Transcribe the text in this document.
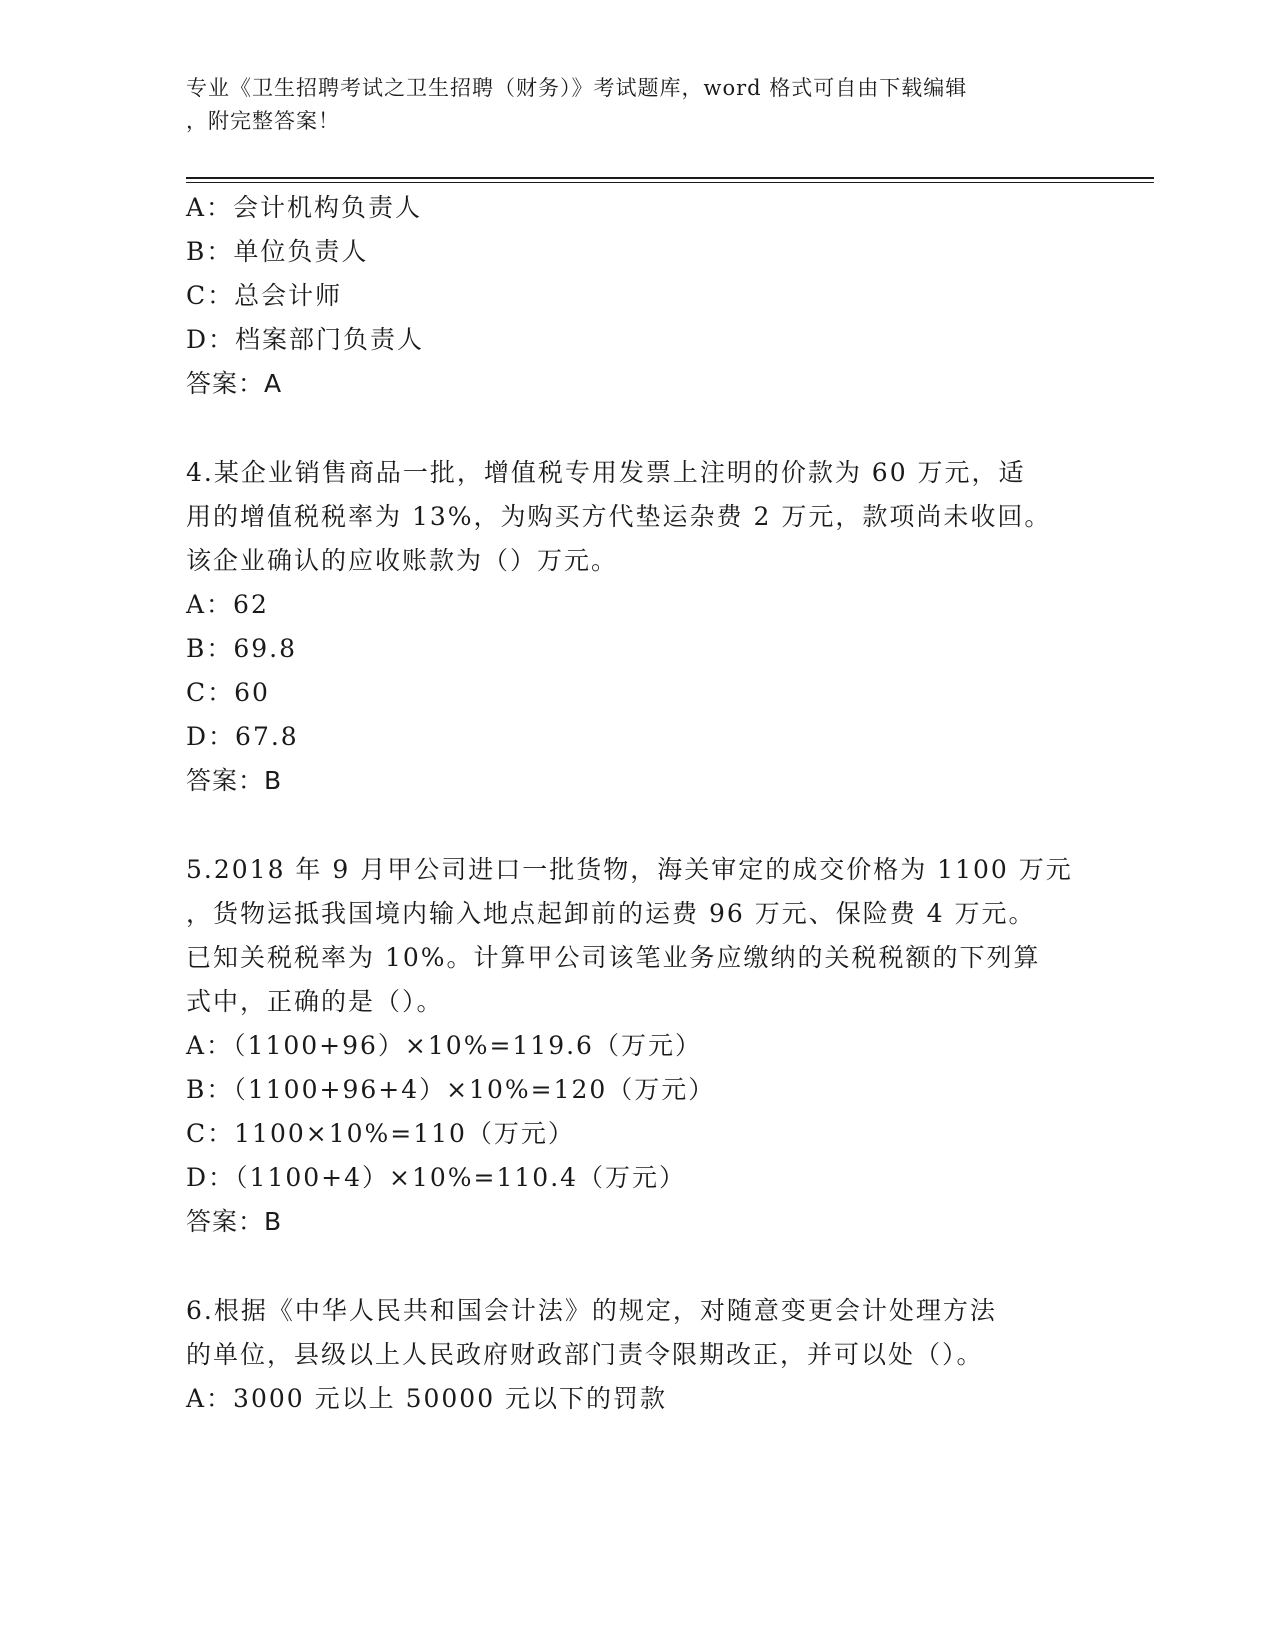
专业《卫生招聘考试之卫生招聘（财务）》考试题库，word 格式可自由下载编辑
，附完整答案！
A：会计机构负责人
B：单位负责人
C：总会计师
D：档案部门负责人
答案：A
4.某企业销售商品一批，增值税专用发票上注明的价款为 60 万元，适
用的增值税税率为 13%，为购买方代垫运杂费 2 万元，款项尚未收回。
该企业确认的应收账款为（）万元。
A：62
B：69.8
C：60
D：67.8
答案：B
5.2018 年 9 月甲公司进口一批货物，海关审定的成交价格为 1100 万元
，货物运抵我国境内输入地点起卸前的运费 96 万元、保险费 4 万元。
已知关税税率为 10%。计算甲公司该笔业务应缴纳的关税税额的下列算
式中，正确的是（）。
A：（1100+96）×10%=119.6（万元）
B：（1100+96+4）×10%=120（万元）
C：1100×10%=110（万元）
D：（1100+4）×10%=110.4（万元）
答案：B
6.根据《中华人民共和国会计法》的规定，对随意变更会计处理方法
的单位，县级以上人民政府财政部门责令限期改正，并可以处（）。
A：3000 元以上 50000 元以下的罚款
